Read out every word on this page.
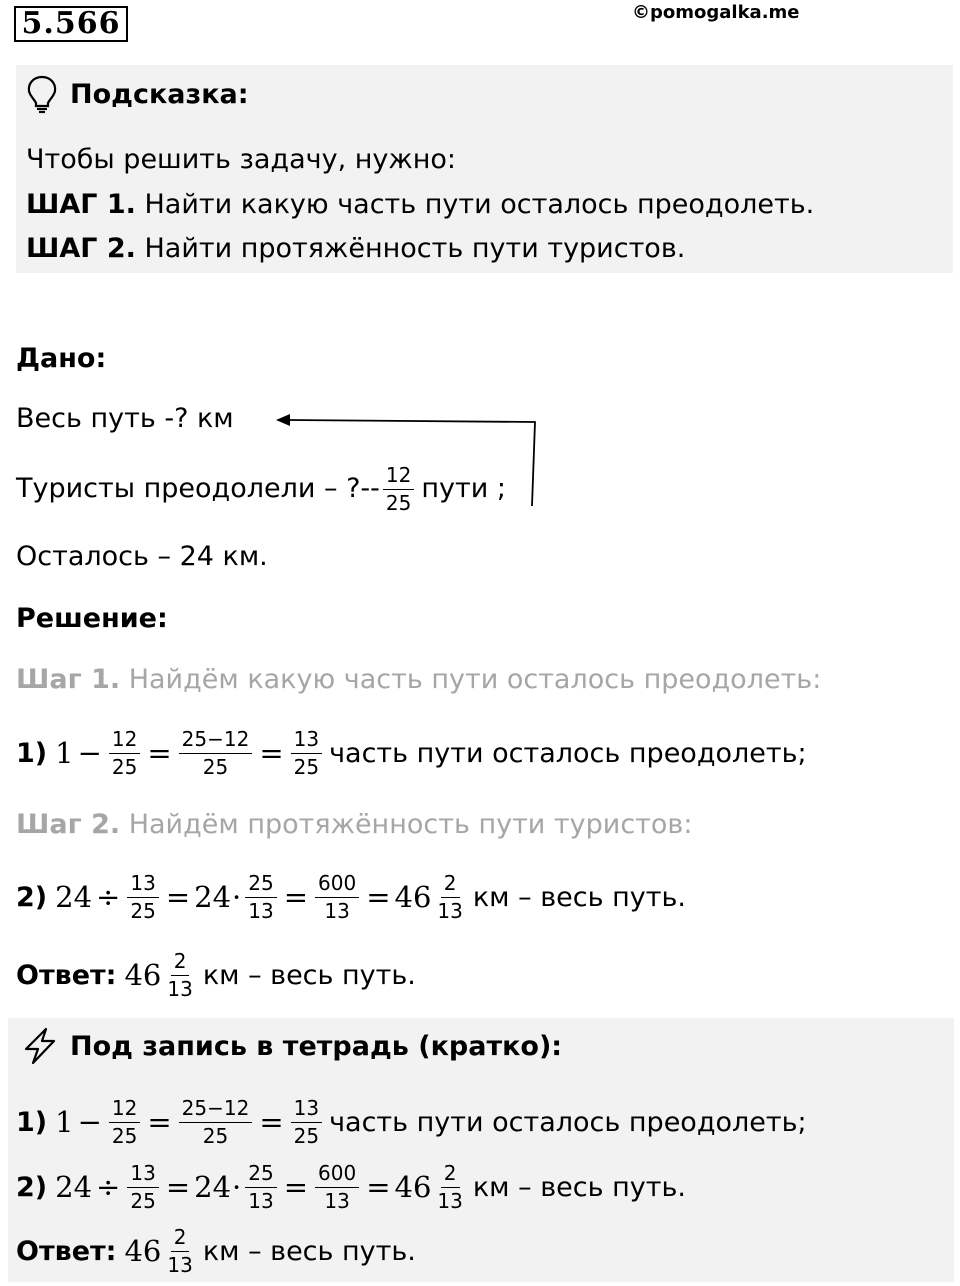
5.566	©pomogalka.me
Подсказка:
Чтобы решить задачу, нужно:
ШАГ 1. Найти какую часть пути осталось преодолеть.
ШАГ 2. Найти протяжённость пути туристов.
Дано:
Весь путь -? км
Туристы преодолели – ?-- $\frac{12}{25}$ пути ;
Осталось – 24 км.
Решение:
Шаг 1. Найдём какую часть пути осталось преодолеть:
1) $1 - \frac{12}{25} = \frac{25-12}{25} = \frac{13}{25}$ часть пути осталось преодолеть;
Шаг 2. Найдём протяжённость пути туристов:
2) $24 \div \frac{13}{25} = 24 \cdot \frac{25}{13} = \frac{600}{13} = 46 \frac{2}{13}$ км – весь путь.
Ответ: $46 \frac{2}{13}$ км – весь путь.
Под запись в тетрадь (кратко):
1) $1 - \frac{12}{25} = \frac{25-12}{25} = \frac{13}{25}$ часть пути осталось преодолеть;
2) $24 \div \frac{13}{25} = 24 \cdot \frac{25}{13} = \frac{600}{13} = 46 \frac{2}{13}$ км – весь путь.
Ответ: $46 \frac{2}{13}$ км – весь путь.
